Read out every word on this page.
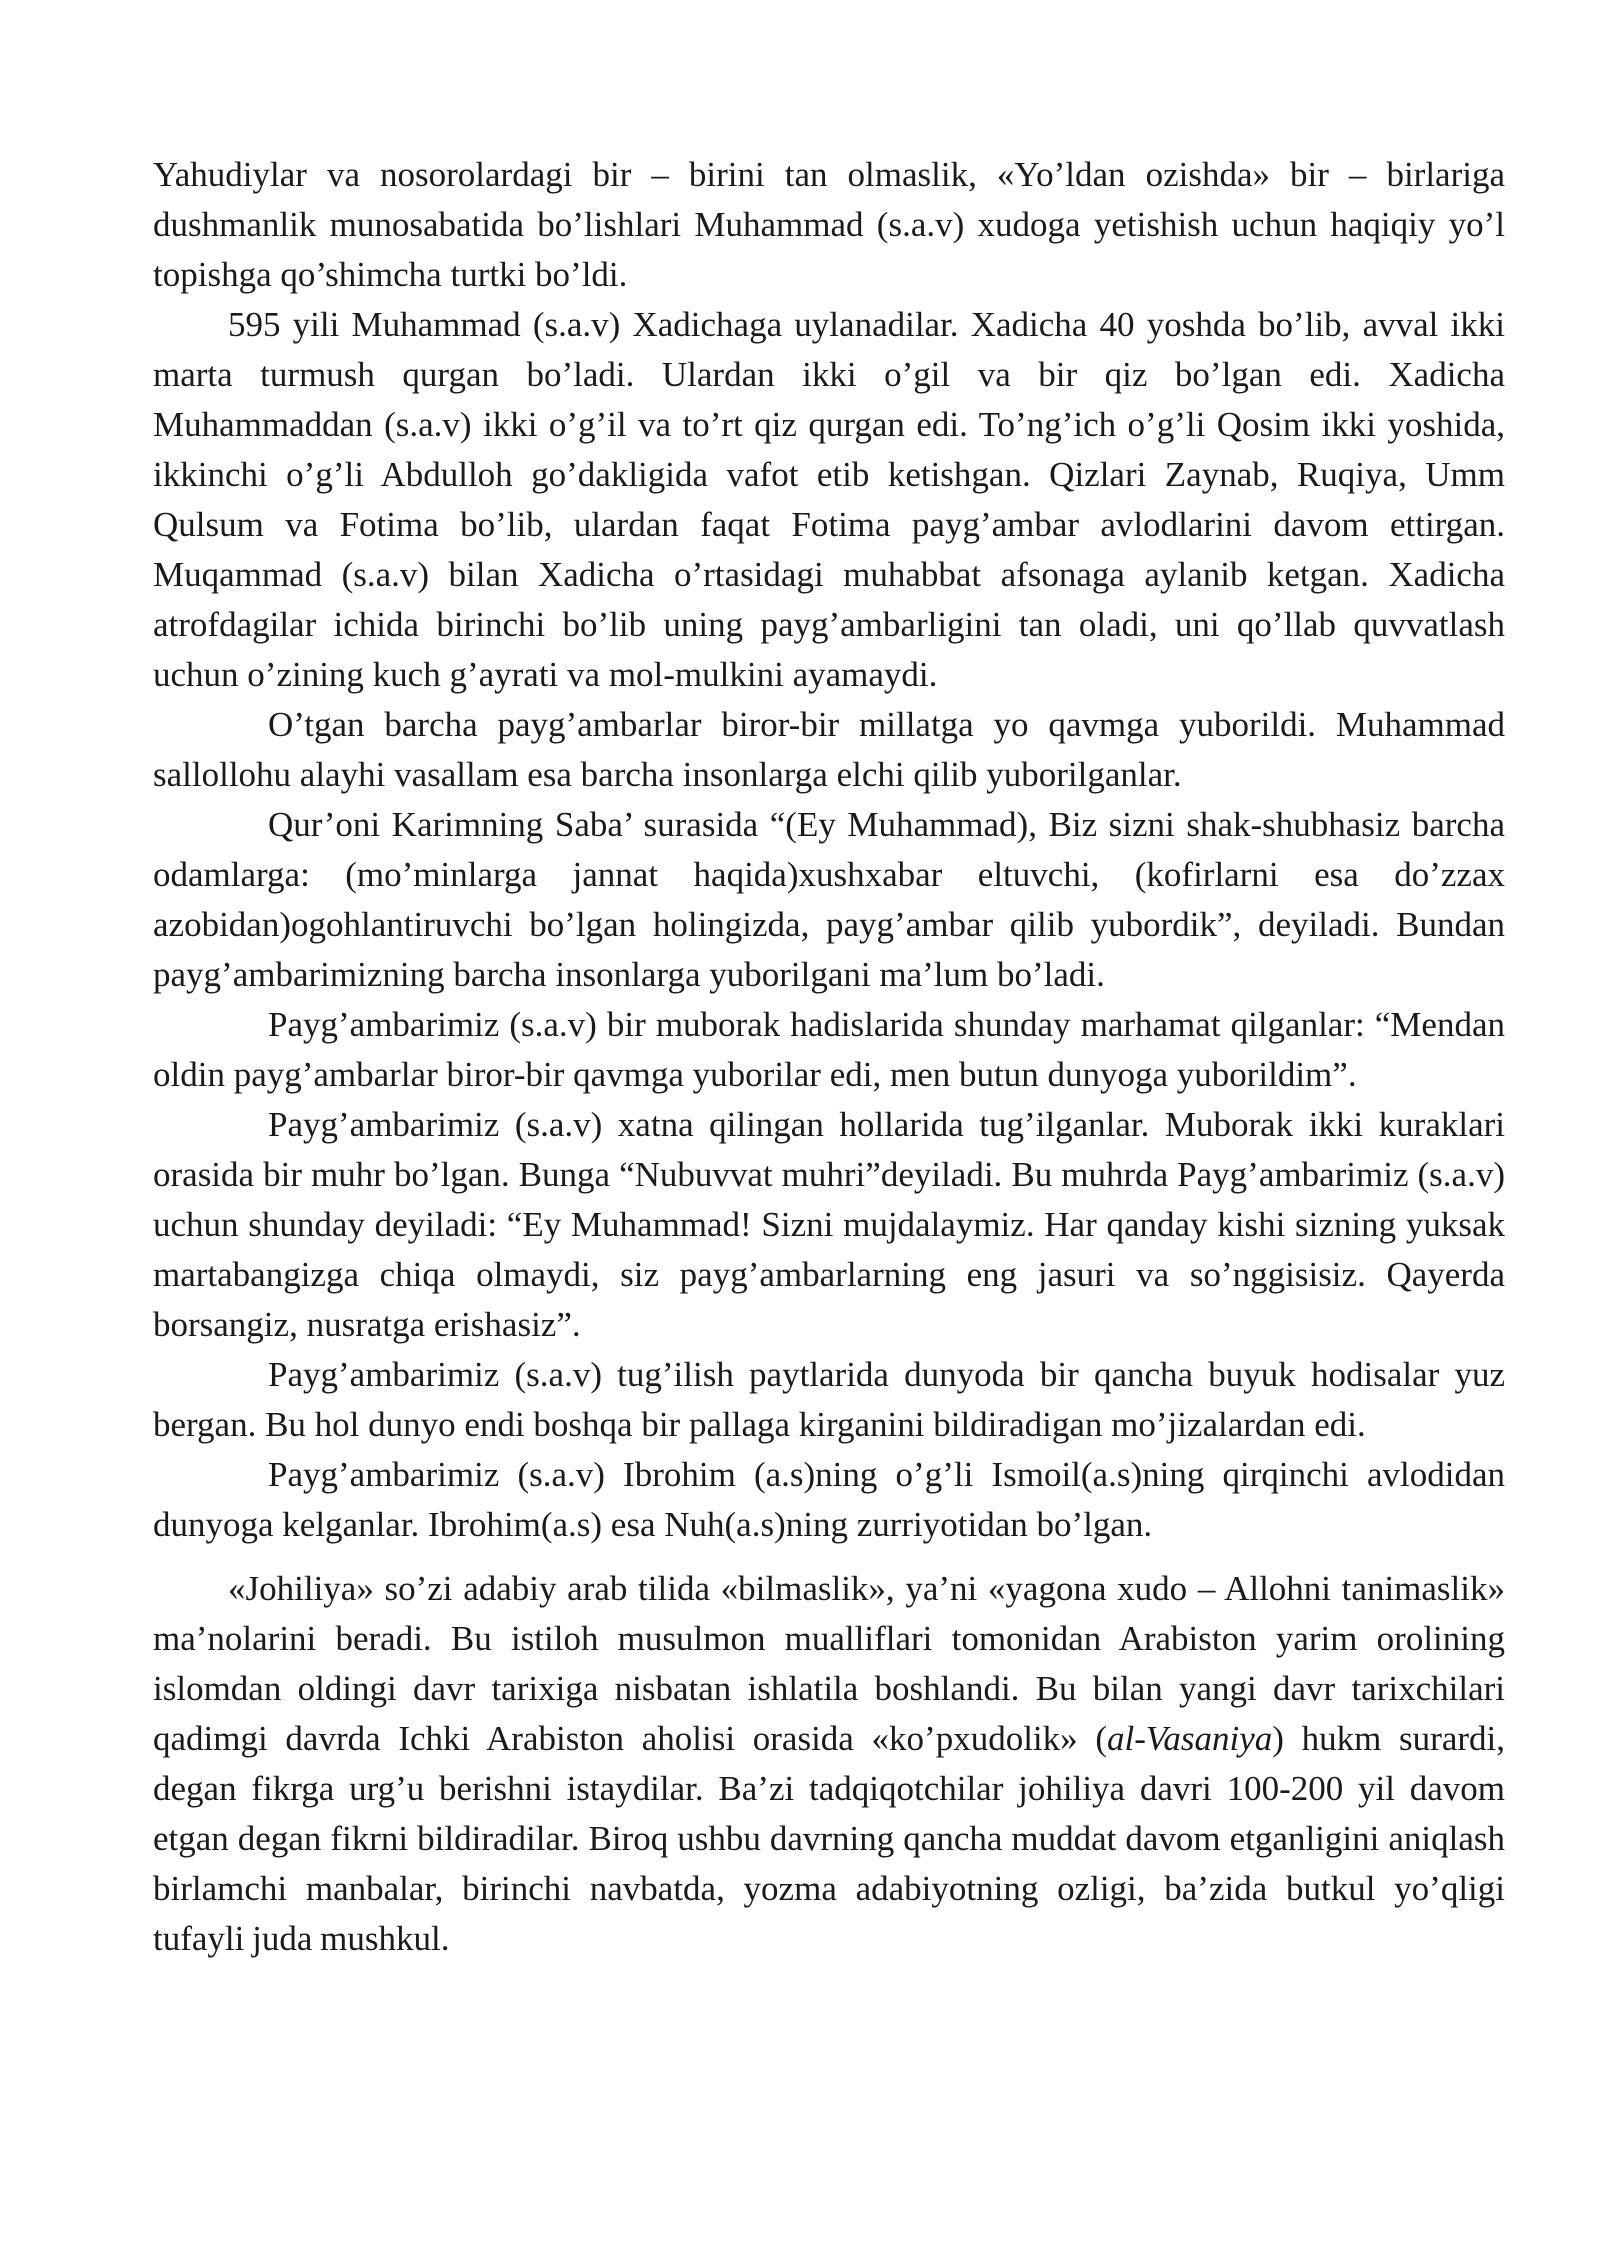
Yahudiylar va nosorolardagi bir – birini tan olmaslik, «Yo’ldan ozishda» bir – birlariga dushmanlik munosabatida bo’lishlari Muhammad (s.a.v) xudoga yetishish uchun haqiqiy yo’l topishga qo’shimcha turtki bo’ldi.

595 yili Muhammad (s.a.v) Xadichaga uylanadilar. Xadicha 40 yoshda bo’lib, avval ikki marta turmush qurgan bo’ladi. Ulardan ikki o’gil va bir qiz bo’lgan edi. Xadicha Muhammaddan (s.a.v) ikki o’g’il va to’rt qiz qurgan edi. To’ng’ich o’g’li Qosim ikki yoshida, ikkinchi o’g’li Abdulloh go’dakligida vafot etib ketishgan. Qizlari Zaynab, Ruqiya, Umm Qulsum va Fotima bo’lib, ulardan faqat Fotima payg’ambar avlodlarini davom ettirgan. Muqammad (s.a.v) bilan Xadicha o’rtasidagi muhabbat afsonaga aylanib ketgan. Xadicha atrofdagilar ichida birinchi bo’lib uning payg’ambarligini tan oladi, uni qo’llab quvvatlash uchun o’zining kuch g’ayrati va mol-mulkini ayamaydi.

O’tgan barcha payg’ambarlar biror-bir millatga yo qavmga yuborildi. Muhammad sallollohu alayhi vasallam esa barcha insonlarga elchi qilib yuborilganlar.

Qur’oni Karimning Saba’ surasida “(Ey Muhammad), Biz sizni shak-shubhasiz barcha odamlarga: (mo’minlarga jannat haqida)xushxabar eltuvchi, (kofirlarni esa do’zzax azobidan)ogohlantiruvchi bo’lgan holingizda, payg’ambar qilib yubordik”, deyiladi. Bundan payg’ambarimizning barcha insonlarga yuborilgani ma’lum bo’ladi.

Payg’ambarimiz (s.a.v) bir muborak hadislarida shunday marhamat qilganlar: “Mendan oldin payg’ambarlar biror-bir qavmga yuborilar edi, men butun dunyoga yuborildim”.

Payg’ambarimiz (s.a.v) xatna qilingan hollarida tug’ilganlar. Muborak ikki kuraklari orasida bir muhr bo’lgan. Bunga “Nubuvvat muhri”deyiladi. Bu muhrda Payg’ambarimiz (s.a.v) uchun shunday deyiladi: “Ey Muhammad! Sizni mujdalaymiz. Har qanday kishi sizning yuksak martabangizga chiqa olmaydi, siz payg’ambarlarning eng jasuri va so’nggisisiz. Qayerda borsangiz, nusratga erishasiz”.

Payg’ambarimiz (s.a.v) tug’ilish paytlarida dunyoda bir qancha buyuk hodisalar yuz bergan. Bu hol dunyo endi boshqa bir pallaga kirganini bildiradigan mo’jizalardan edi.

Payg’ambarimiz (s.a.v) Ibrohim (a.s)ning o’g’li Ismoil(a.s)ning qirqinchi avlodidan dunyoga kelganlar. Ibrohim(a.s) esa Nuh(a.s)ning zurriyotidan bo’lgan.

«Johiliya» so’zi adabiy arab tilida «bilmaslik», ya’ni «yagona xudo – Allohni tanimaslik» ma’nolarini beradi. Bu istiloh musulmon mualliflari tomonidan Arabiston yarim orolining islomdan oldingi davr tarixiga nisbatan ishlatila boshlandi. Bu bilan yangi davr tarixchilari qadimgi davrda Ichki Arabiston aholisi orasida «ko’pxudolik» (al-Vasaniya) hukm surardi, degan fikrga urg’u berishni istaydilar. Ba’zi tadqiqotchilar johiliya davri 100-200 yil davom etgan degan fikrni bildiradilar. Biroq ushbu davrning qancha muddat davom etganligini aniqlash birlamchi manbalar, birinchi navbatda, yozma adabiyotning ozligi, ba’zida butkul yo’qligi tufayli juda mushkul.
